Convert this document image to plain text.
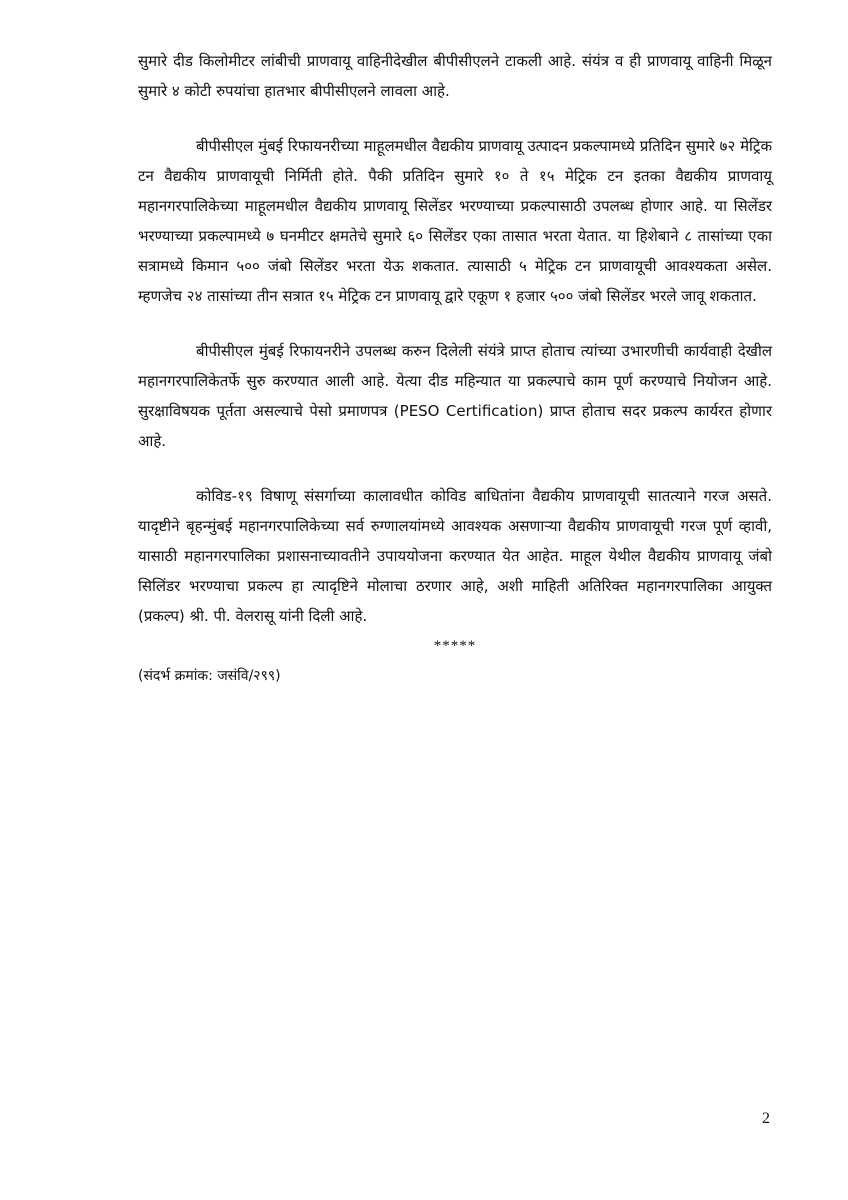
सुमारे दीड किलोमीटर लांबीची प्राणवायू वाहिनीदेखील बीपीसीएलने टाकली आहे. संयंत्र व ही प्राणवायू वाहिनी मिळून सुमारे ४ कोटी रुपयांचा हातभार बीपीसीएलने लावला आहे.

बीपीसीएल मुंबई रिफायनरीच्या माहूलमधील वैद्यकीय प्राणवायू उत्पादन प्रकल्पामध्ये प्रतिदिन सुमारे ७२ मेट्रिक टन वैद्यकीय प्राणवायूची निर्मिती होते. पैकी प्रतिदिन सुमारे १० ते १५ मेट्रिक टन इतका वैद्यकीय प्राणवायू महानगरपालिकेच्या माहूलमधील वैद्यकीय प्राणवायू सिलेंडर भरण्याच्या प्रकल्पासाठी उपलब्ध होणार आहे. या सिलेंडर भरण्याच्या प्रकल्पामध्ये ७ घनमीटर क्षमतेचे सुमारे ६० सिलेंडर एका तासात भरता येतात. या हिशेबाने ८ तासांच्या एका सत्रामध्ये किमान ५०० जंबो सिलेंडर भरता येऊ शकतात. त्यासाठी ५ मेट्रिक टन प्राणवायूची आवश्यकता असेल. म्हणजेच २४ तासांच्या तीन सत्रात १५ मेट्रिक टन प्राणवायू द्वारे एकूण १ हजार ५०० जंबो सिलेंडर भरले जावू शकतात.

बीपीसीएल मुंबई रिफायनरीने उपलब्ध करुन दिलेली संयंत्रे प्राप्त होताच त्यांच्या उभारणीची कार्यवाही देखील महानगरपालिकेतर्फे सुरु करण्यात आली आहे. येत्या दीड महिन्यात या प्रकल्पाचे काम पूर्ण करण्याचे नियोजन आहे. सुरक्षाविषयक पूर्तता असल्याचे पेसो प्रमाणपत्र (PESO Certification) प्राप्त होताच सदर प्रकल्प कार्यरत होणार आहे.

कोविड-१९ विषाणू संसर्गाच्या कालावधीत कोविड बाधितांना वैद्यकीय प्राणवायूची सातत्याने गरज असते. यादृष्टीने बृहन्मुंबई महानगरपालिकेच्या सर्व रुग्णालयांमध्ये आवश्यक असणाऱ्या वैद्यकीय प्राणवायूची गरज पूर्ण व्हावी, यासाठी महानगरपालिका प्रशासनाच्यावतीने उपाययोजना करण्यात येत आहेत. माहूल येथील वैद्यकीय प्राणवायू जंबो सिलिंडर भरण्याचा प्रकल्प हा त्यादृष्टिने मोलाचा ठरणार आहे, अशी माहिती अतिरिक्त महानगरपालिका आयुक्त (प्रकल्प) श्री. पी. वेलरासू यांनी दिली आहे.

*****
(संदर्भ क्रमांक: जसंवि/२९९)
2
